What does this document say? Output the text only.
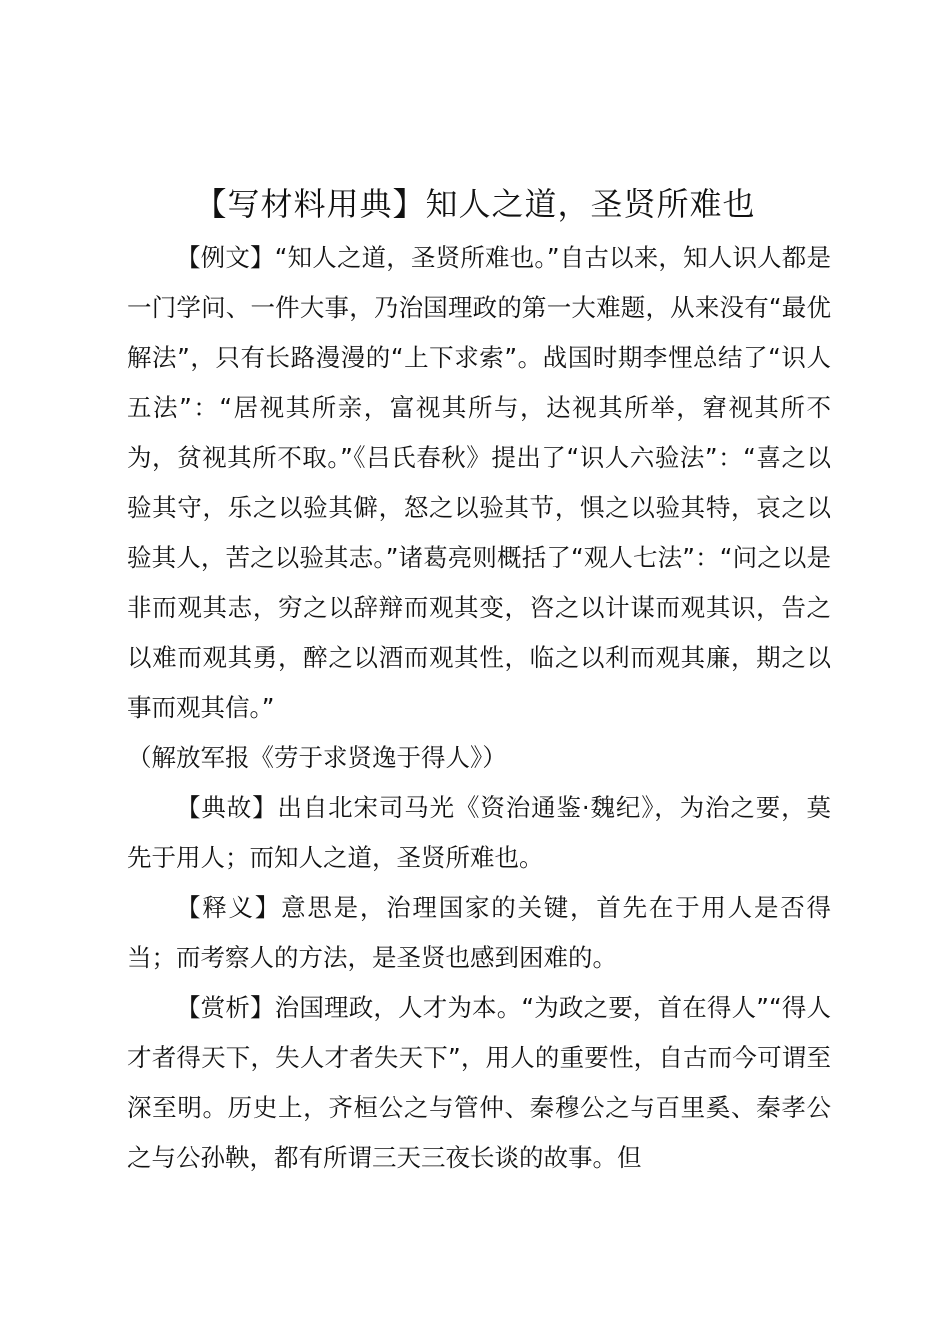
【写材料用典】知人之道，圣贤所难也

【例文】“知人之道，圣贤所难也。”自古以来，知人识人都是一门学问、一件大事，乃治国理政的第一大难题，从来没有“最优解法”，只有长路漫漫的“上下求索”。战国时期李悝总结了“识人五法”：“居视其所亲，富视其所与，达视其所举，窘视其所不为，贫视其所不取。”《吕氏春秋》提出了“识人六验法”：“喜之以验其守，乐之以验其僻，怒之以验其节，惧之以验其特，哀之以验其人，苦之以验其志。”诸葛亮则概括了“观人七法”：“问之以是非而观其志，穷之以辞辩而观其变，咨之以计谋而观其识，告之以难而观其勇，醉之以酒而观其性，临之以利而观其廉，期之以事而观其信。”

（解放军报《劳于求贤逸于得人》）

【典故】出自北宋司马光《资治通鉴·魏纪》，为治之要，莫先于用人；而知人之道，圣贤所难也。

【释义】意思是，治理国家的关键，首先在于用人是否得当；而考察人的方法，是圣贤也感到困难的。

【赏析】治国理政，人才为本。“为政之要，首在得人”“得人才者得天下，失人才者失天下”，用人的重要性，自古而今可谓至深至明。历史上，齐桓公之与管仲、秦穆公之与百里奚、秦孝公之与公孙鞅，都有所谓三天三夜长谈的故事。但
